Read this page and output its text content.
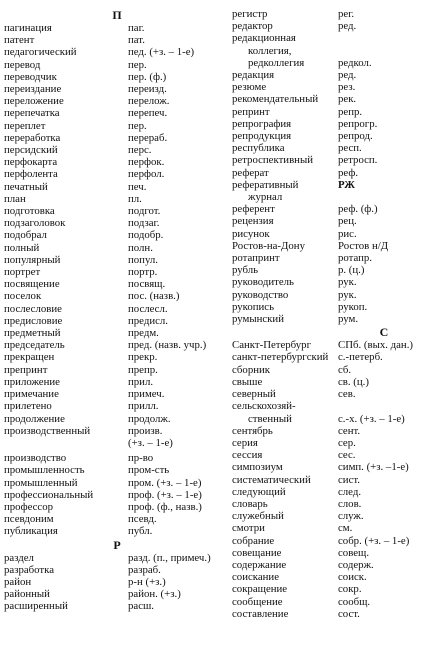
П
пагинация	паг.
патент	пат.
педагогический	пед. (+з. – 1-е)
перевод	пер.
переводчик	пер. (ф.)
переиздание	переизд.
переложение	перелож.
перепечатка	перепеч.
переплет	пер.
переработка	перераб.
персидский	перс.
перфокарта	перфок.
перфолента	перфол.
печатный	печ.
план	пл.
подготовка	подгот.
подзаголовок	подзаг.
подобрал	подобр.
полный	полн.
популярный	попул.
портрет	портр.
посвящение	посвящ.
поселок	пос. (назв.)
послесловие	послесл.
предисловие	предисл.
предметный	предм.
председатель	пред. (назв. учр.)
прекращен	прекр.
препринт	препр.
приложение	прил.
примечание	примеч.
прилетено	прилл.
продолжение	продолж.
производственный	произв.
(+з. – 1-е)
производство	пр-во
промышленность	пром-сть
промышленный	пром. (+з. – 1-е)
профессиональный	проф. (+з. – 1-е)
профессор	проф. (ф., назв.)
псевдоним	псевд.
публикация	публ.
Р
раздел	разд. (п., примеч.)
разработка	разраб.
район	р-н (+з.)
районный	район. (+з.)
расширенный	расш.
регистр	рег.
редактор	ред.
редакционная
коллегия,
редколлегия	редкол.
редакция	ред.
резюме	рез.
рекомендательный	рек.
репринт	репр.
репрография	репрогр.
репродукция	репрод.
республика	респ.
ретроспективный	ретросп.
реферат	реф.
реферативный	РЖ
журнал
референт	реф. (ф.)
рецензия	рец.
рисунок	рис.
Ростов-на-Дону	Ростов н/Д
ротапринт	ротапр.
рубль	р. (ц.)
руководитель	рук.
руководство	рук.
рукопись	рукоп.
румынский	рум.
С
Санкт-Петербург	СПб. (вых. дан.)
санкт-петербургский с.-петерб.
сборник	сб.
свыше	св. (ц.)
северный	сев.
сельскохозяй-
ственный	с.-х. (+з. – 1-е)
сентябрь	сент.
серия	сер.
сессия	сес.
симпозиум	симп. (+з. –1-е)
систематический	сист.
следующий	след.
словарь	слов.
служебный	служ.
смотри	см.
собрание	собр. (+з. – 1-е)
совещание	совещ.
содержание	содерж.
соискание	соиск.
сокращение	сокр.
сообщение	сообщ.
составление	сост.
